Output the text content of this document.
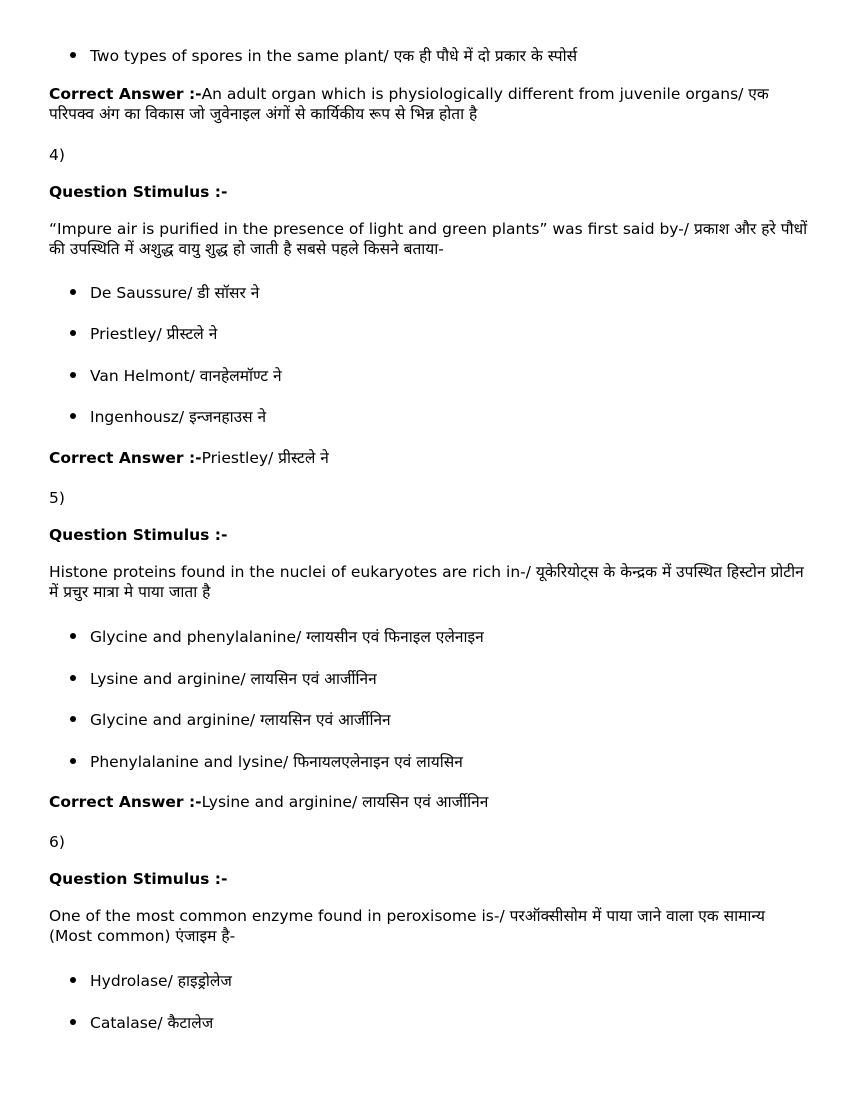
Two types of spores in the same plant/ एक ही पौधे में दो प्रकार के स्पोर्स

Correct Answer :-An adult organ which is physiologically different from juvenile organs/ एक परिपक्व अंग का विकास जो जुवेनाइल अंगों से कार्यिकीय रूप से भिन्न होता है

4)

Question Stimulus :-

“Impure air is purified in the presence of light and green plants” was first said by-/ प्रकाश और हरे पौधों की उपस्थिति में अशुद्ध वायु शुद्ध हो जाती है सबसे पहले किसने बताया-

De Saussure/ डी सॉसर ने
Priestley/ प्रीस्टले ने
Van Helmont/ वानहेलमॉण्ट ने
Ingenhousz/ इन्जनहाउस ने

Correct Answer :-Priestley/ प्रीस्टले ने

5)

Question Stimulus :-

Histone proteins found in the nuclei of eukaryotes are rich in-/ यूकेरियोट्स के केन्द्रक में उपस्थित हिस्टोन प्रोटीन में प्रचुर मात्रा मे पाया जाता है

Glycine and phenylalanine/ ग्लायसीन एवं फिनाइल एलेनाइन
Lysine and arginine/ लायसिन एवं आर्जीनिन
Glycine and arginine/ ग्लायसिन एवं आर्जीनिन
Phenylalanine and lysine/ फिनायलएलेनाइन एवं लायसिन

Correct Answer :-Lysine and arginine/ लायसिन एवं आर्जीनिन

6)

Question Stimulus :-

One of the most common enzyme found in peroxisome is-/ परऑक्सीसोम में पाया जाने वाला एक सामान्य (Most common) एंजाइम है-

Hydrolase/ हाइड्रोलेज
Catalase/ कैटालेज
